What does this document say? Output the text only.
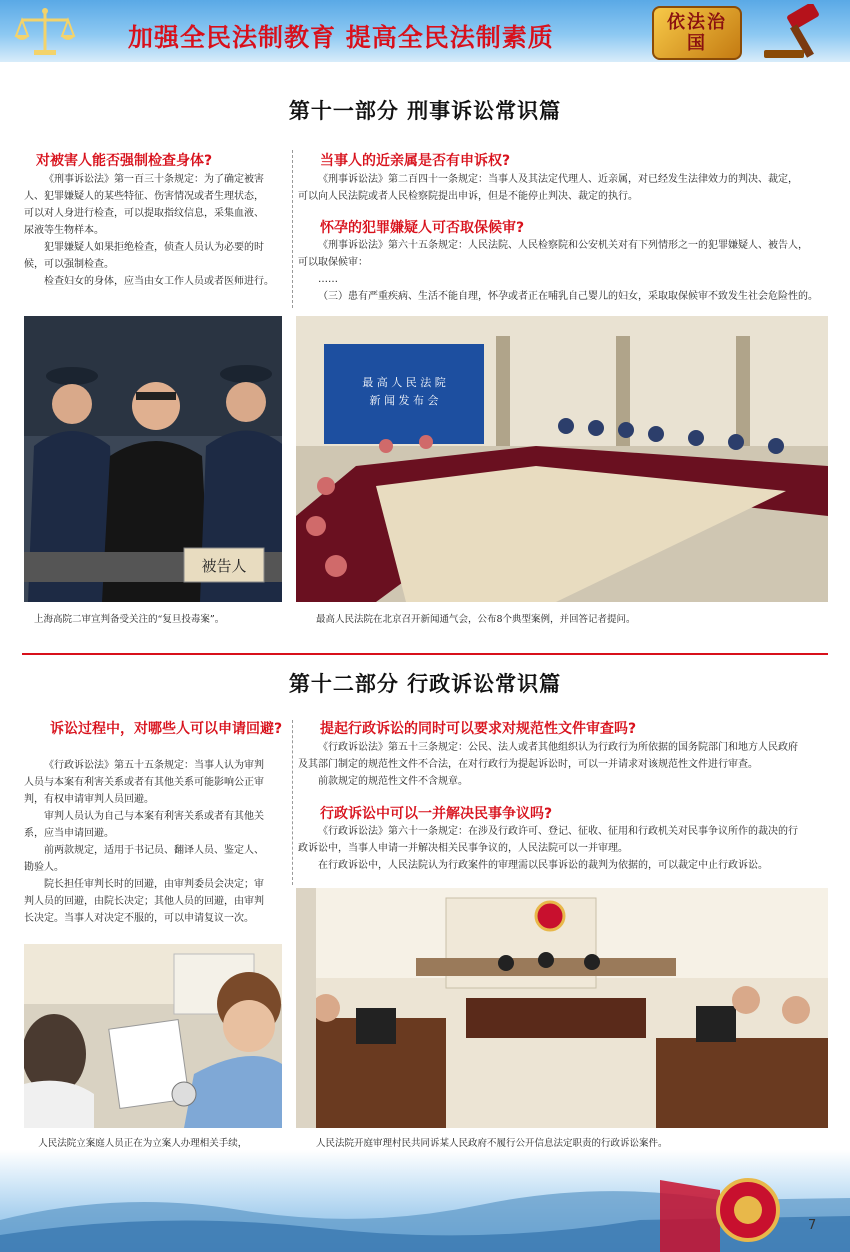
加强全民法制教育 提高全民法制素质
依法治国
第十一部分 刑事诉讼常识篇
对被害人能否强制检查身体?
《刑事诉讼法》第一百三十条规定：为了确定被害
人、犯罪嫌疑人的某些特征、伤害情况或者生理状态，
可以对人身进行检查，可以提取指纹信息，采集血液、
尿液等生物样本。
犯罪嫌疑人如果拒绝检查，侦查人员认为必要的时
候，可以强制检查。
检查妇女的身体，应当由女工作人员或者医师进行。
当事人的近亲属是否有申诉权?
《刑事诉讼法》第二百四十一条规定：当事人及其法定代理人、近亲属，对已经发生法律效力的判决、裁定，
可以向人民法院或者人民检察院提出申诉，但是不能停止判决、裁定的执行。
怀孕的犯罪嫌疑人可否取保候审?
《刑事诉讼法》第六十五条规定：人民法院、人民检察院和公安机关对有下列情形之一的犯罪嫌疑人、被告人，
可以取保候审：
……
（三）患有严重疾病、生活不能自理，怀孕或者正在哺乳自己婴儿的妇女，采取取保候审不致发生社会危险性的。
被告人
上海高院二审宣判备受关注的“复旦投毒案”。
最 高 人 民 法 院
新 闻 发 布 会
最高人民法院在北京召开新闻通气会，公布8个典型案例，并回答记者提问。
第十二部分 行政诉讼常识篇
诉讼过程中，对哪些人可以申请回避?
《行政诉讼法》第五十五条规定：当事人认为审判
人员与本案有利害关系或者有其他关系可能影响公正审
判，有权申请审判人员回避。
审判人员认为自己与本案有利害关系或者有其他关
系，应当申请回避。
前两款规定，适用于书记员、翻译人员、鉴定人、
勘验人。
院长担任审判长时的回避，由审判委员会决定；审
判人员的回避，由院长决定；其他人员的回避，由审判
长决定。当事人对决定不服的，可以申请复议一次。
提起行政诉讼的同时可以要求对规范性文件审查吗?
《行政诉讼法》第五十三条规定：公民、法人或者其他组织认为行政行为所依据的国务院部门和地方人民政府
及其部门制定的规范性文件不合法，在对行政行为提起诉讼时，可以一并请求对该规范性文件进行审查。
前款规定的规范性文件不含规章。
行政诉讼中可以一并解决民事争议吗?
《行政诉讼法》第六十一条规定：在涉及行政许可、登记、征收、征用和行政机关对民事争议所作的裁决的行
政诉讼中，当事人申请一并解决相关民事争议的，人民法院可以一并审理。
在行政诉讼中，人民法院认为行政案件的审理需以民事诉讼的裁判为依据的，可以裁定中止行政诉讼。
人民法院立案庭人员正在为立案人办理相关手续，	人民法院开庭审理村民共同诉某人民政府不履行公开信息法定职责的行政诉讼案件。
7
